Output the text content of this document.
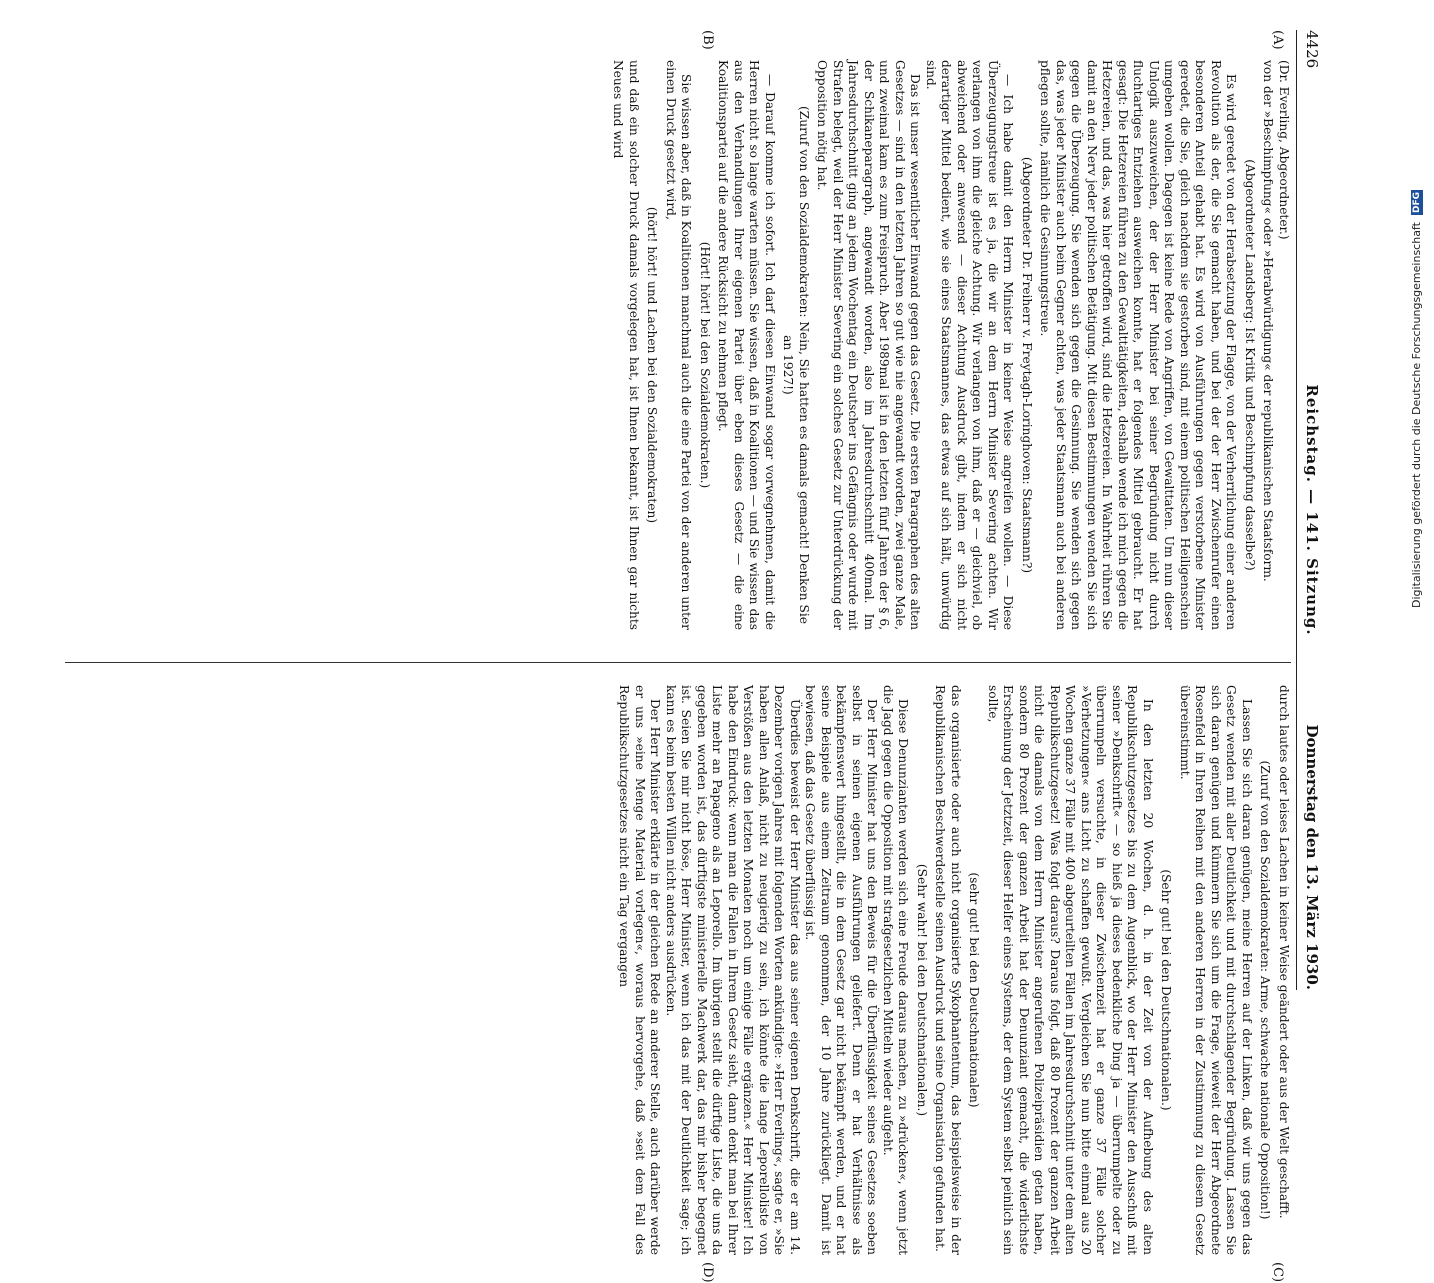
4426
Reichstag. — 141. Sitzung.
Donnerstag den 13. März 1930.
(A)
(B)
(C)
(D)

(Dr. Everling, Abgeordneter.)

von der »Beschimpfung« oder »Herabwürdigung« der republikanischen Staatsform.

(Abgeordneter Landsberg: Ist Kritik und Beschimpfung dasselbe?)

Es wird geredet von der Herabsetzung der Flagge, von der Verherrlichung einer anderen Revolution als der, die Sie gemacht haben, und bei der der Herr Zwischenrufer einen besonderen Anteil gehabt hat. Es wird von Ausführungen gegen verstorbene Minister geredet, die Sie, gleich nachdem sie gestorben sind, mit einem politischen Heiligenschein umgeben wollen. Dagegen ist keine Rede von Angriffen, von Gewalttaten. Um nun dieser Unlogik auszuweichen, der der Herr Minister bei seiner Begründung nicht durch fluchtartiges Entziehen ausweichen konnte, hat er folgendes Mittel gebraucht. Er hat gesagt: Die Hetzereien führen zu den Gewalttätigkeiten, deshalb wende ich mich gegen die Hetzereien, und das, was hier getroffen wird, sind die Hetzereien. In Wahrheit rühren Sie damit an den Nerv jeder politischen Betätigung. Mit diesen Bestimmungen wenden Sie sich gegen die Überzeugung. Sie wenden sich gegen die Gesinnung. Sie wenden sich gegen das, was jeder Minister auch beim Gegner achten, was jeder Staatsmann auch bei anderen pflegen sollte, nämlich die Gesinnungstreue.

(Abgeordneter Dr. Freiherr v. Freytagh-Loringhoven: Staatsmann?)

— Ich habe damit den Herrn Minister in keiner Weise angreifen wollen. — Diese Überzeugungstreue ist es ja, die wir an dem Herrn Minister Severing achten. Wir verlangen von ihm die gleiche Achtung. Wir verlangen von ihm, daß er — gleichviel, ob abweichend oder anwesend — dieser Achtung Ausdruck gibt, indem er sich nicht derartiger Mittel bedient, wie sie eines Staatsmannes, das etwas auf sich hält, unwürdig sind.

Das ist unser wesentlicher Einwand gegen das Gesetz. Die ersten Paragraphen des alten Gesetzes — sind in den letzten Jahren so gut wie nie angewandt worden, zwei ganze Male, und zweimal kam es zum Freispruch. Aber 1989mal ist in den letzten fünf Jahren der § 6, der Schikaneparagraph, angewandt worden, also im Jahresdurchschnitt 400mal. Im Jahresdurchschnitt ging an jedem Wochentag ein Deutscher ins Gefängnis oder wurde mit Strafen belegt, weil der Herr Minister Severing ein solches Gesetz zur Unterdrückung der Opposition nötig hat.

(Zuruf von den Sozialdemokraten: Nein, Sie hatten es damals gemacht! Denken Sie an 1927!)

— Darauf komme ich sofort. Ich darf diesen Einwand sogar vorwegnehmen, damit die Herren nicht so lange warten müssen. Sie wissen, daß in Koalitionen — und Sie wissen das aus den Verhandlungen Ihrer eigenen Partei über eben dieses Gesetz — die eine Koalitionspartei auf die andere Rücksicht zu nehmen pflegt.

(Hört! hört! bei den Sozialdemokraten.)

Sie wissen aber, daß in Koalitionen manchmal auch die eine Partei von der anderen unter einen Druck gesetzt wird,

(hört! hört! und Lachen bei den Sozialdemokraten)

und daß ein solcher Druck damals vorgelegen hat, ist Ihnen bekannt, ist Ihnen gar nichts Neues und wird

durch lautes oder leises Lachen in keiner Weise geändert oder aus der Welt geschafft.

(Zuruf von den Sozialdemokraten: Arme, schwache nationale Opposition!)

Lassen Sie sich daran genügen, meine Herren auf der Linken, daß wir uns gegen das Gesetz wenden mit aller Deutlichkeit und mit durchschlagender Begründung. Lassen Sie sich daran genügen und kümmern Sie sich um die Frage, wieweit der Herr Abgeordnete Rosenfeld in Ihren Reihen mit den anderen Herren in der Zustimmung zu diesem Gesetz übereinstimmt.

(Sehr gut! bei den Deutschnationalen.)

In den letzten 20 Wochen, d. h. in der Zeit von der Aufhebung des alten Republikschutzgesetzes bis zu dem Augenblick, wo der Herr Minister den Ausschuß mit seiner »Denkschrift« — so hieß ja dieses bedenkliche Ding ja — überrumpelte oder zu überrumpeln versuchte, in dieser Zwischenzeit hat er ganze 37 Fälle solcher »Verhetzungen« ans Licht zu schaffen gewußt. Vergleichen Sie nun bitte einmal aus 20 Wochen ganze 37 Fälle mit 400 abgeurteilten Fällen im Jahresdurchschnitt unter dem alten Republikschutzgesetz! Was folgt daraus? Daraus folgt, daß 80 Prozent der ganzen Arbeit nicht die damals von dem Herrn Minister angerufenen Polizeipräsidien getan haben, sondern 80 Prozent der ganzen Arbeit hat der Denunziant gemacht, die widerlichste Erscheinung der Jetztzeit, dieser Helfer eines Systems, der dem System selbst peinlich sein sollte,

(sehr gut! bei den Deutschnationalen)

das organisierte oder auch nicht organisierte Sykophantentum, das beispielsweise in der Republikanischen Beschwerdestelle seinen Ausdruck und seine Organisation gefunden hat.

(Sehr wahr! bei den Deutschnationalen.)

Diese Denunzianten werden sich eine Freude daraus machen, zu »drücken«, wenn jetzt die Jagd gegen die Opposition mit strafgesetzlichen Mitteln wieder aufgeht.

Der Herr Minister hat uns den Beweis für die Überflüssigkeit seines Gesetzes soeben selbst in seinen eigenen Ausführungen geliefert. Denn er hat Verhältnisse als bekämpfenswert hingestellt, die in dem Gesetz gar nicht bekämpft werden, und er hat seine Beispiele aus einem Zeitraum genommen, der 10 Jahre zurückliegt. Damit ist bewiesen, daß das Gesetz überflüssig ist.

Überdies beweist der Herr Minister das aus seiner eigenen Denkschrift, die er am 14. Dezember vorigen Jahres mit folgenden Worten ankündigte: »Herr Everling«, sagte er, »Sie haben allen Anlaß, nicht zu neugierig zu sein, ich könnte die lange Leporelloliste von Verstößen aus den letzten Monaten noch um einige Fälle ergänzen.« Herr Minister! Ich habe den Eindruck: wenn man die Fallen in Ihrem Gesetz sieht, dann denkt man bei Ihrer Liste mehr an Papageno als an Leporello. Im übrigen stellt die dürftige Liste, die uns da gegeben worden ist, das dürftigste ministerielle Machwerk dar, das mir bisher begegnet ist. Seien Sie mir nicht böse, Herr Minister, wenn ich das mit der Deutlichkeit sage; ich kann es beim besten Willen nicht anders ausdrücken.

Der Herr Minister erklärte in der gleichen Rede an anderer Stelle, auch darüber werde er uns »eine Menge Material vorlegen«, woraus hervorgehe, daß »seit dem Fall des Republikschutzgesetzes nicht ein Tag vergangen

Digitalisierung gefördert durch die Deutsche Forschungsgemeinschaft DFG
